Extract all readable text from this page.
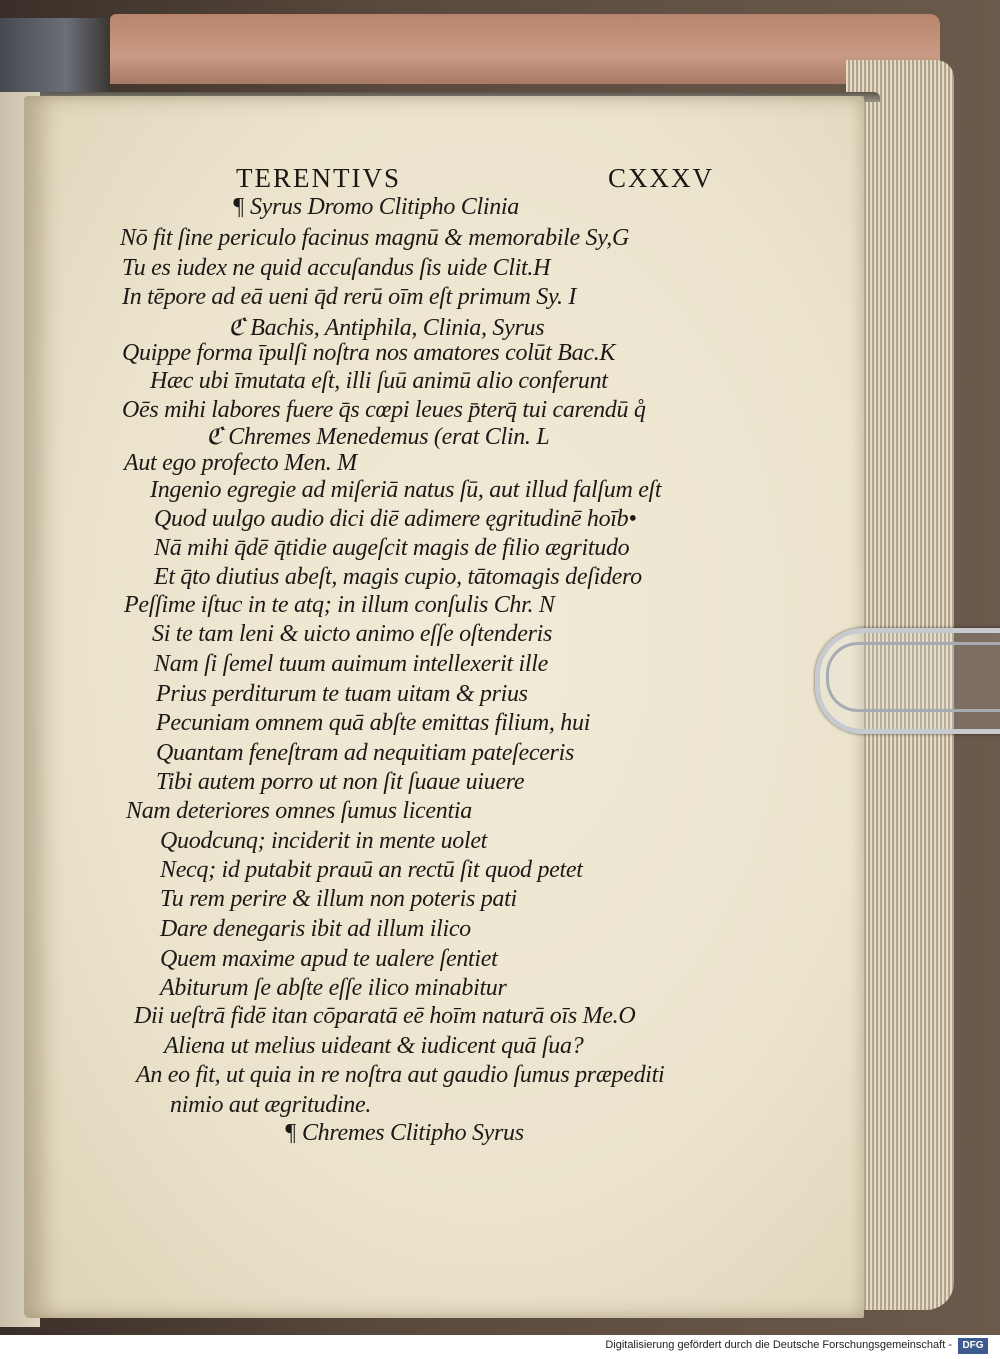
TERENTIVS	CXXXV
¶ Syrus Dromo Clitipho Clinia
Nō fit ſine periculo facinus magnū & memorabile Sy,G
Tu es iudex ne quid accuſandus ſis uide Clit.H
In tēpore ad eā ueni q̄d rerū oīm eſt primum Sy. I
ℭ Bachis, Antiphila, Clinia, Syrus
Quippe forma īpulſi noſtra nos amatores colūt Bac.K
Hæc ubi īmutata eſt, illi ſuū animū alio conferunt
Oēs mihi labores fuere q̄s cœpi leues p̄terq̄ tui carendū q̊
ℭ Chremes Menedemus (erat Clin. L
Aut ego profecto Men. M
Ingenio egregie ad miſeriā natus ſū, aut illud falſum eſt
Quod uulgo audio dici diē adimere ęgritudinē hoīb•
Nā mihi q̄dē q̄tidie augeſcit magis de filio ægritudo
Et q̄to diutius abeſt, magis cupio, tātomagis deſidero
Peſſime iſtuc in te atq; in illum conſulis Chr. N
Si te tam leni & uicto animo eſſe oſtenderis
Nam ſi ſemel tuum auimum intellexerit ille
Prius perditurum te tuam uitam & prius
Pecuniam omnem quā abſte emittas filium, hui
Quantam feneſtram ad nequitiam pateſeceris
Tibi autem porro ut non ſit ſuaue uiuere
Nam deteriores omnes ſumus licentia
Quodcunq; inciderit in mente uolet
Necq; id putabit prauū an rectū ſit quod petet
Tu rem perire & illum non poteris pati
Dare denegaris ibit ad illum ilico
Quem maxime apud te ualere ſentiet
Abiturum ſe abſte eſſe ilico minabitur
Dii ueſtrā fidē itan cōparatā eē hoīm naturā oīs Me.O
Aliena ut melius uideant & iudicent quā ſua?
An eo fit, ut quia in re noſtra aut gaudio ſumus præpediti
nimio aut ægritudine.
¶ Chremes Clitipho Syrus
Digitalisierung gefördert durch die Deutsche Forschungsgemeinschaft -	DFG
